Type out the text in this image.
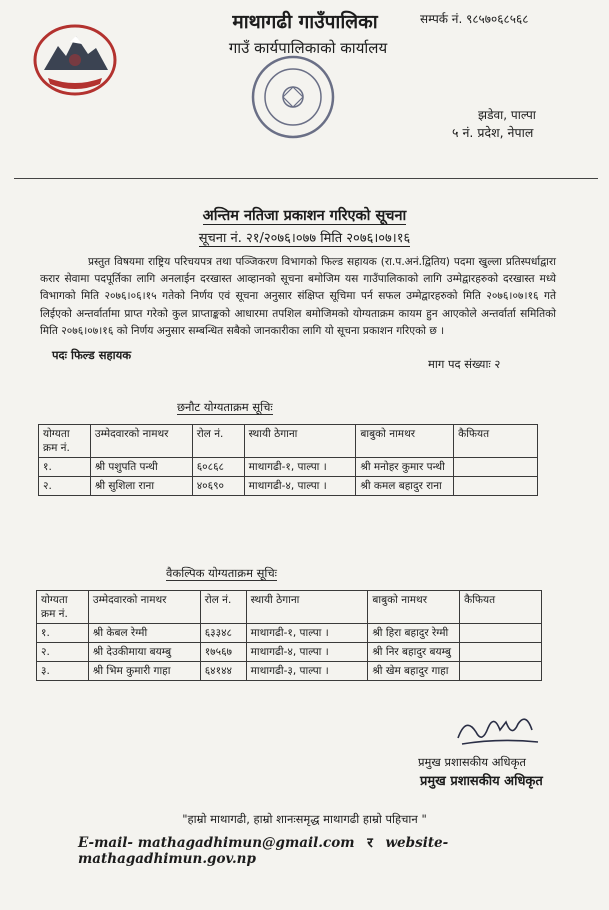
माथागढी गाउँपालिका
गाउँ कार्यपालिकाको कार्यालय
सम्पर्क नं. ९८५७०६८५६८
झडेवा, पाल्पा
५ नं. प्रदेश, नेपाल
अन्तिम नतिजा प्रकाशन गरिएको सूचना
सूचना नं. २१/२०७६।०७७ मिति २०७६।०७।१६
प्रस्तुत विषयमा राष्ट्रिय परिचयपत्र तथा पञ्जिकरण विभागको फिल्ड सहायक (रा.प.अनं.द्वितिय) पदमा खुल्ला प्रतिस्पर्धाद्वारा करार सेवामा पदपूर्तिका लागि अनलाईन दरखास्त आव्हानको सूचना बमोजिम यस गाउँपालिकाको लागि उम्मेद्वारहरुको दरखास्त मध्ये विभागको मिति २०७६।०६।१५ गतेको निर्णय एवं सूचना अनुसार संक्षिप्त सूचिमा पर्न सफल उम्मेद्वारहरुको मिति २०७६।०७।१६ गते लिईएको अन्तर्वार्तामा प्राप्त गरेको कुल प्राप्ताङ्कको आधारमा तपशिल बमोजिमको योग्यताक्रम कायम हुन आएकोले अन्तर्वार्ता समितिको मिति २०७६।०७।१६ को निर्णय अनुसार सम्बन्धित सबैको जानकारीका लागि यो सूचना प्रकाशन गरिएको छ ।
पदः फिल्ड सहायक
माग पद संख्याः २
छनौट योग्यताक्रम सूचिः
योग्यता क्रम नं.	उम्मेदवारको नामथर	रोल नं.	स्थायी ठेगाना	बाबुको नामथर	कैफियत
१.	श्री पशुपति पन्थी	६०८६८	माथागढी-१, पाल्पा ।	श्री मनोहर कुमार पन्थी	
२.	श्री सुशिला राना	४०६९०	माथागढी-४, पाल्पा ।	श्री कमल बहादुर राना	
वैकल्पिक योग्यताक्रम सूचिः
योग्यता क्रम नं.	उम्मेदवारको नामथर	रोल नं.	स्थायी ठेगाना	बाबुको नामथर	कैफियत
१.	श्री केबल रेग्मी	६३३४८	माथागढी-१, पाल्पा ।	श्री हिरा बहादुर रेग्मी	
२.	श्री देउकीमाया बयम्बु	१७५६७	माथागढी-४, पाल्पा ।	श्री निर बहादुर बयम्बु	
३.	श्री भिम कुमारी गाहा	६४१४४	माथागढी-३, पाल्पा ।	श्री खेम बहादुर गाहा	
प्रमुख प्रशासकीय अधिकृत
प्रमुख प्रशासकीय अधिकृत
"हाम्रो माथागढी, हाम्रो शानःसमृद्ध माथागढी हाम्रो पहिचान "
E-mail- mathagadhimun@gmail.com र website- mathagadhimun.gov.np
